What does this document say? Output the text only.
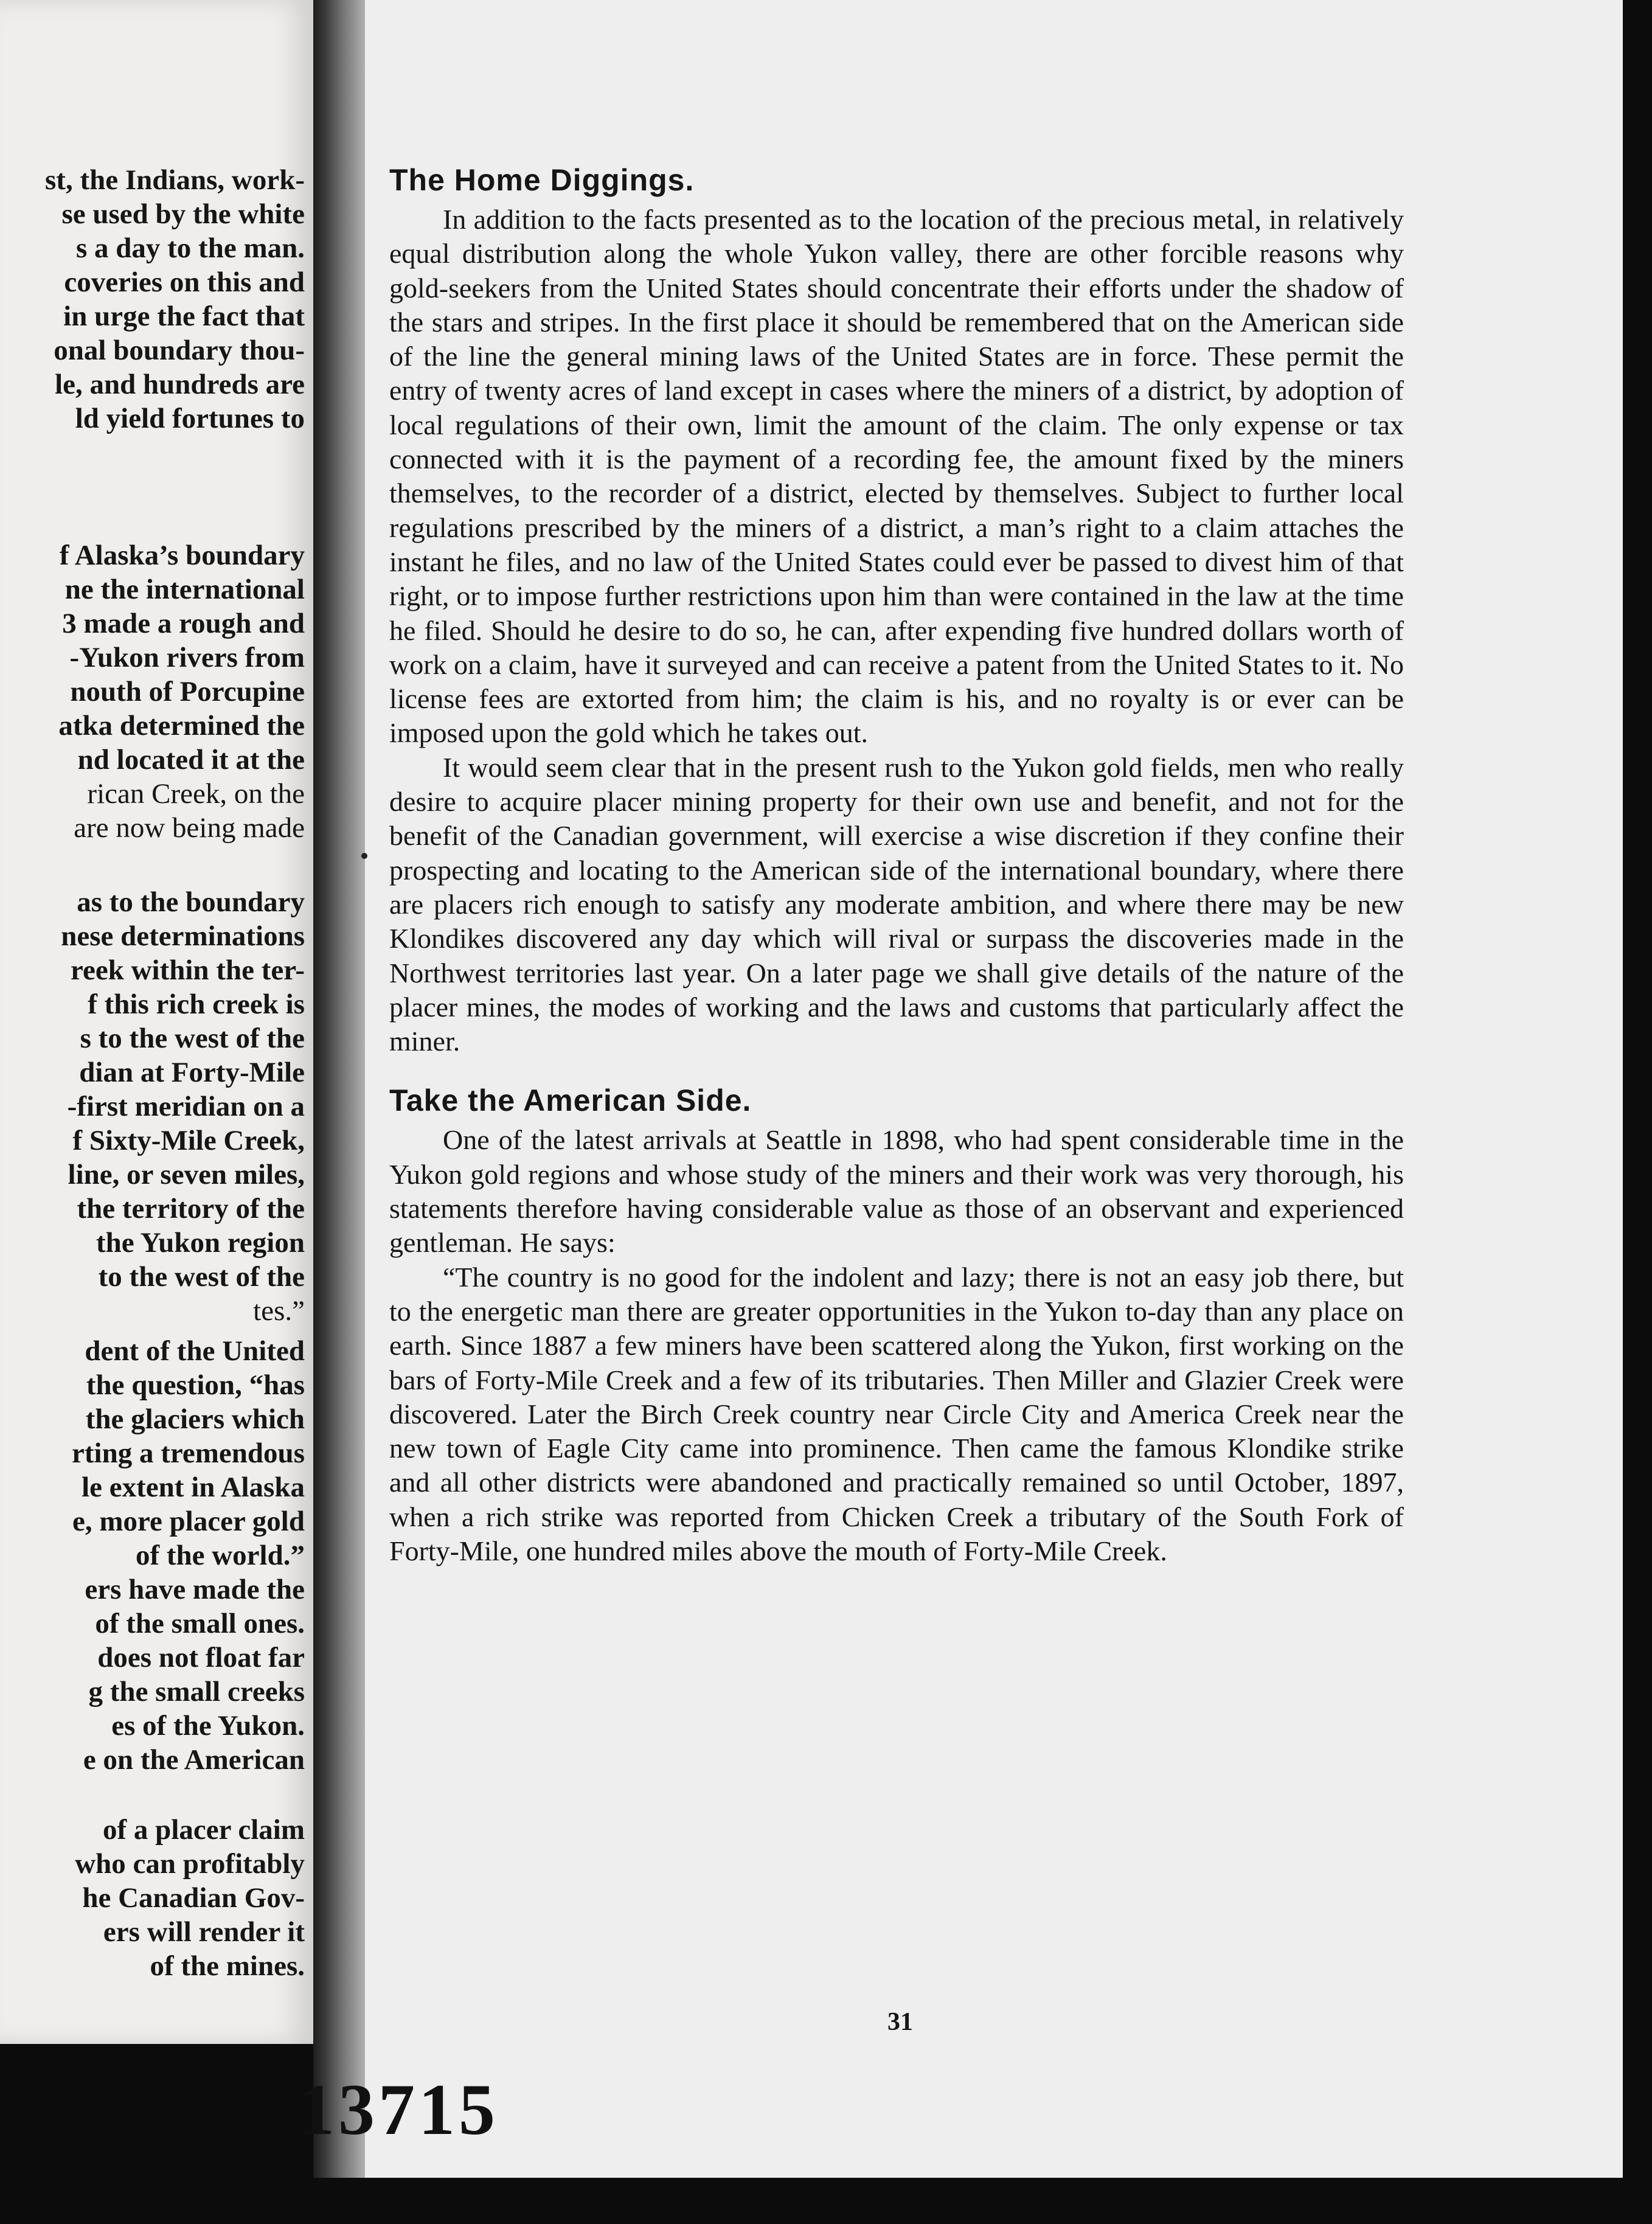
st, the Indians, work-
se used by the white
s a day to the man.
coveries on this and
in urge the fact that
onal boundary thou-
le, and hundreds are
ld yield fortunes to
f Alaska’s boundary
ne the international
3 made a rough and
-Yukon rivers from
nouth of Porcupine
atka determined the
nd located it at the
rican Creek, on the
are now being made
as to the boundary
nese determinations
reek within the ter-
f this rich creek is
s to the west of the
dian at Forty-Mile
-first meridian on a
f Sixty-Mile Creek,
line, or seven miles,
the territory of the
the Yukon region
to the west of the
tes.”
dent of the United
the question, “has
the glaciers which
rting a tremendous
le extent in Alaska
e, more placer gold
of the world.”
ers have made the
of the small ones.
does not float far
g the small creeks
es of the Yukon.
e on the American
of a placer claim
who can profitably
he Canadian Gov-
ers will render it
of the mines.
The Home Diggings.

In addition to the facts presented as to the location of the precious metal, in relatively equal distribution along the whole Yukon valley, there are other forcible reasons why gold-seekers from the United States should concentrate their efforts under the shadow of the stars and stripes. In the first place it should be remembered that on the American side of the line the general mining laws of the United States are in force. These permit the entry of twenty acres of land except in cases where the miners of a district, by adoption of local regulations of their own, limit the amount of the claim. The only expense or tax connected with it is the payment of a recording fee, the amount fixed by the miners themselves, to the recorder of a district, elected by themselves. Subject to further local regulations prescribed by the miners of a district, a man’s right to a claim attaches the instant he files, and no law of the United States could ever be passed to divest him of that right, or to impose further restrictions upon him than were contained in the law at the time he filed. Should he desire to do so, he can, after expending five hundred dollars worth of work on a claim, have it surveyed and can receive a patent from the United States to it. No license fees are extorted from him; the claim is his, and no royalty is or ever can be imposed upon the gold which he takes out.

It would seem clear that in the present rush to the Yukon gold fields, men who really desire to acquire placer mining property for their own use and benefit, and not for the benefit of the Canadian government, will exercise a wise discretion if they confine their prospecting and locating to the American side of the international boundary, where there are placers rich enough to satisfy any moderate ambition, and where there may be new Klondikes discovered any day which will rival or surpass the discoveries made in the Northwest territories last year. On a later page we shall give details of the nature of the placer mines, the modes of working and the laws and customs that particularly affect the miner.

Take the American Side.

One of the latest arrivals at Seattle in 1898, who had spent considerable time in the Yukon gold regions and whose study of the miners and their work was very thorough, his statements therefore having considerable value as those of an observant and experienced gentleman. He says:

“The country is no good for the indolent and lazy; there is not an easy job there, but to the energetic man there are greater opportunities in the Yukon to-day than any place on earth. Since 1887 a few miners have been scattered along the Yukon, first working on the bars of Forty-Mile Creek and a few of its tributaries. Then Miller and Glazier Creek were discovered. Later the Birch Creek country near Circle City and America Creek near the new town of Eagle City came into prominence. Then came the famous Klondike strike and all other districts were abandoned and practically remained so until October, 1897, when a rich strike was reported from Chicken Creek a tributary of the South Fork of Forty-Mile, one hundred miles above the mouth of Forty-Mile Creek.

31
13715
